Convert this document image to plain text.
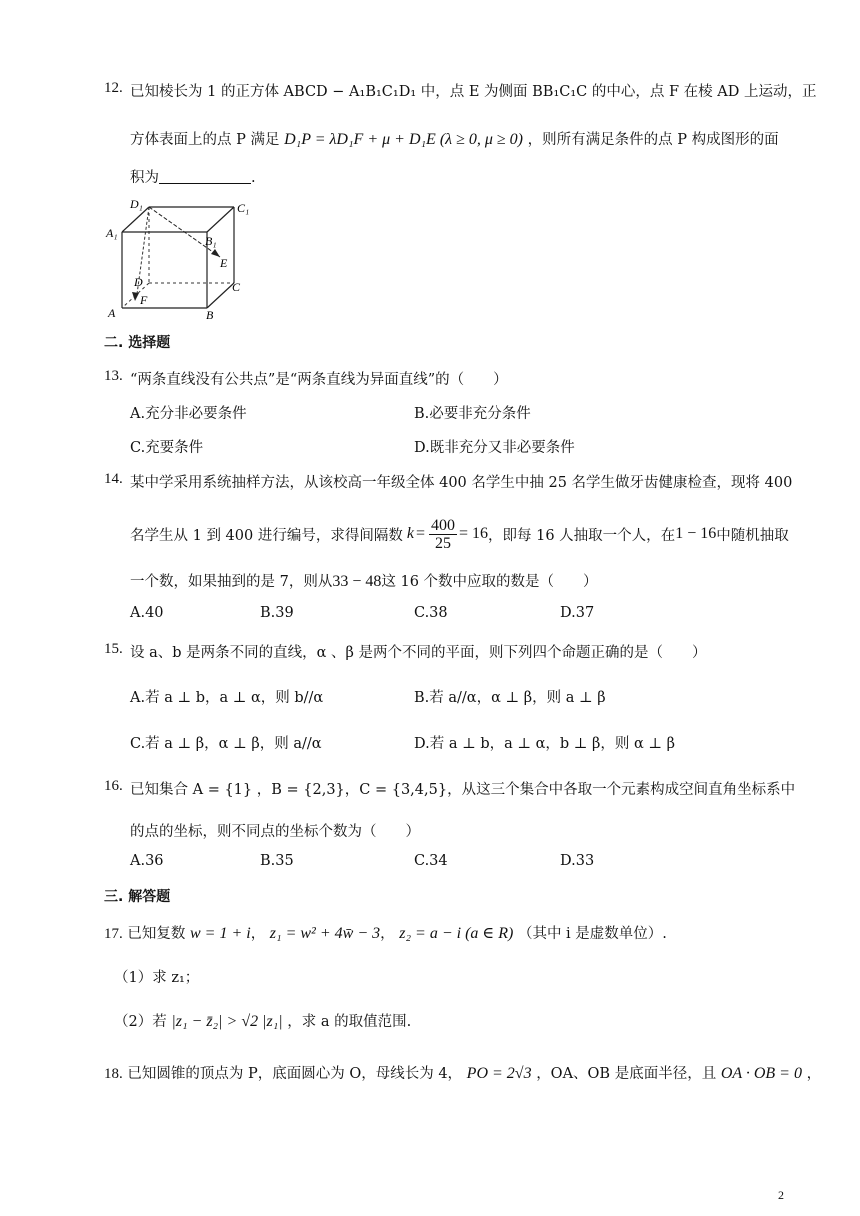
12. 已知棱长为 1 的正方体 ABCD − A₁B₁C₁D₁ 中，点 E 为侧面 BB₁C₁C 的中心，点 F 在棱 AD 上运动，正
方体表面上的点 P 满足 D₁P = λD₁F + μ + D₁E (λ ≥ 0, μ ≥ 0) ，则所有满足条件的点 P 构成图形的面
积为	.
D₁	C₁
A₁
B₁
E
D	C
F
A	B
二. 选择题
13. “两条直线没有公共点”是“两条直线为异面直线”的（　　）
A.充分非必要条件	B.必要非充分条件
C.充要条件	D.既非充分又非必要条件
14. 某中学采用系统抽样方法，从该校高一年级全体 400 名学生中抽 25 名学生做牙齿健康检查，现将 400
名学生从 1 到 400 进行编号，求得间隔数 $k = \frac{400}{25} = 16$ ，即每 16 人抽取一个人，在 1 − 16 中随机抽取
一个数，如果抽到的是 7，则从33 − 48这 16 个数中应取的数是（　　）
A.40	B.39	C.38	D.37
15. 设 a、b 是两条不同的直线，α 、β 是两个不同的平面，则下列四个命题正确的是（　　）
A.若 a ⊥ b，a ⊥ α，则 b//α	B.若 a//α，α ⊥ β，则 a ⊥ β
C.若 a ⊥ β，α ⊥ β，则 a//α	D.若 a ⊥ b，a ⊥ α，b ⊥ β，则 α ⊥ β
16. 已知集合 A = {1} ，B = {2,3}，C = {3,4,5}，从这三个集合中各取一个元素构成空间直角坐标系中
的点的坐标，则不同点的坐标个数为（　　）
A.36	B.35	C.34	D.33
三. 解答题
17. 已知复数 w = 1 + i， z₁ = w² + 4w̄ − 3， z₂ = a − i (a ∈ R) （其中 i 是虚数单位）.
（1）求 z₁；
（2）若 |z₁ − z̄₂| > √2 |z₁| ，求 a 的取值范围.
18. 已知圆锥的顶点为 P，底面圆心为 O，母线长为 4， PO = 2√3 ，OA、OB 是底面半径，且 OA · OB = 0 ，
2
